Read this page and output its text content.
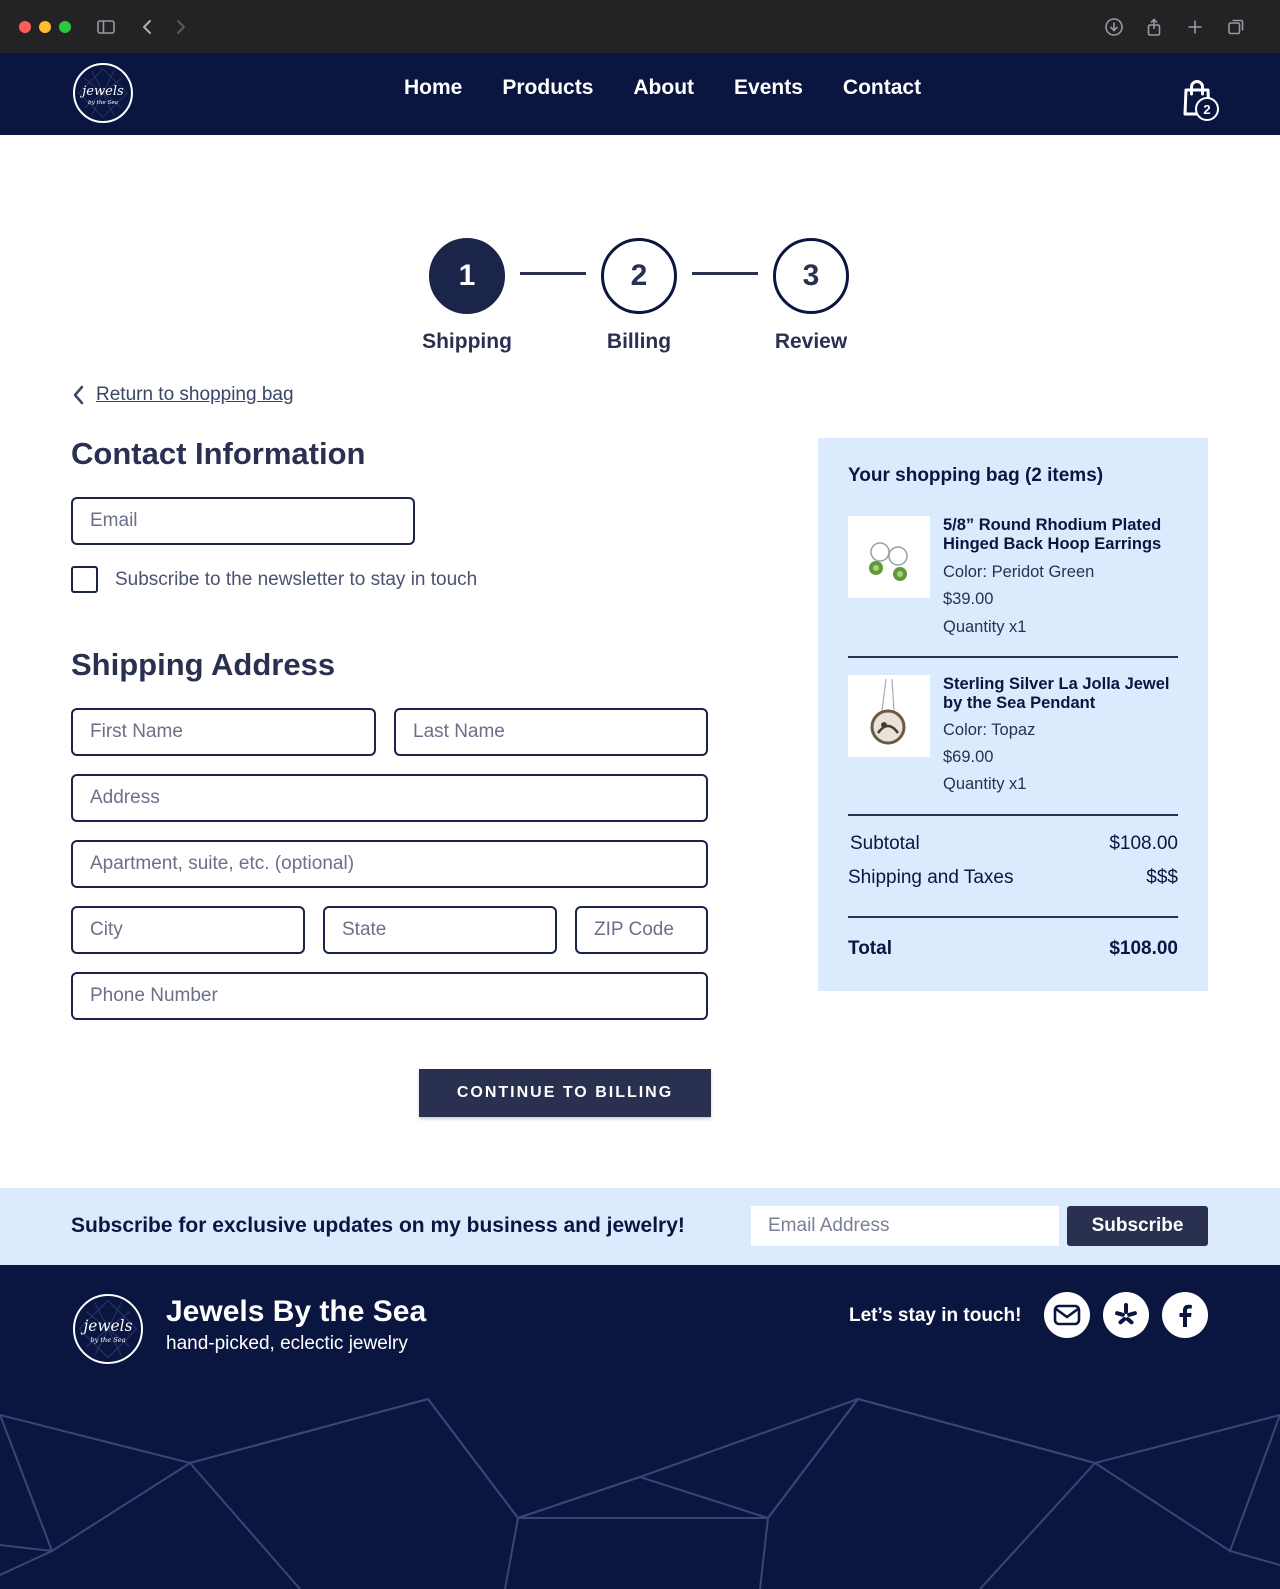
jewels
by the Sea
Home Products About Events Contact
2
1	2	3
Shipping	Billing	Review
Return to shopping bag
Contact Information
Email
Subscribe to the newsletter to stay in touch
Shipping Address
First Name
Last Name
Address
Apartment, suite, etc. (optional)
City
State
ZIP Code
Phone Number
CONTINUE TO BILLING
Your shopping bag (2 items)
5/8” Round Rhodium Plated Hinged Back Hoop Earrings
Color: Peridot Green
$39.00
Quantity x1
Sterling Silver La Jolla Jewel by the Sea Pendant
Color: Topaz
$69.00
Quantity x1
Subtotal	$108.00
Shipping and Taxes	$$$
Total	$108.00
Subscribe for exclusive updates on my business and jewelry!
Email Address	Subscribe
jewels
by the Sea
Jewels By the Sea
hand-picked, eclectic jewelry
Let’s stay in touch!
